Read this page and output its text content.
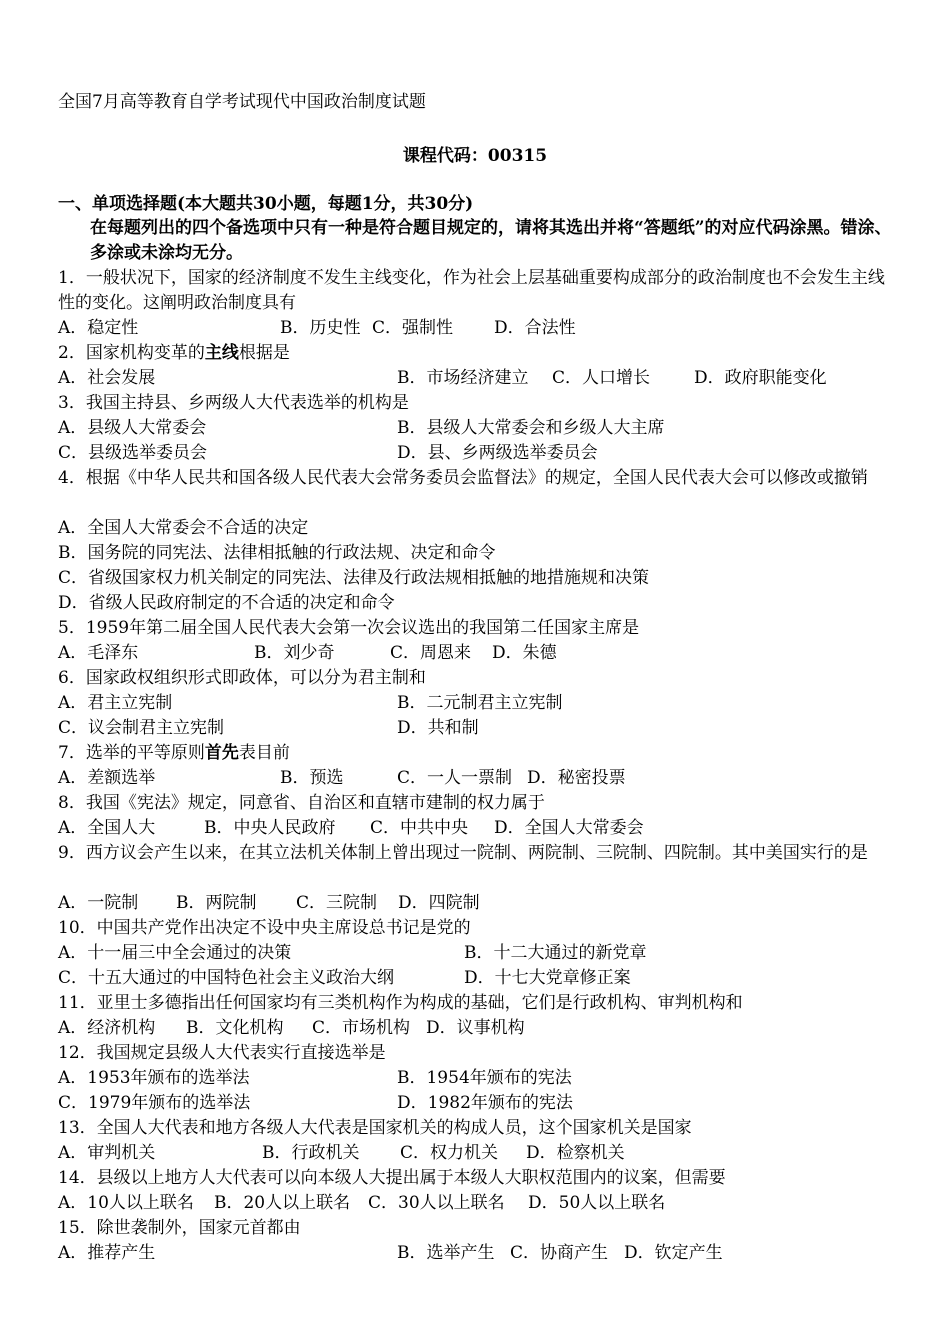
全国7月高等教育自学考试现代中国政治制度试题
课程代码：00315
一、单项选择题(本大题共30小题，每题1分，共30分)
在每题列出的四个备选项中只有一种是符合题目规定的，请将其选出并将“答题纸”的对应代码涂黑。错涂、多涂或未涂均无分。
1．一般状况下，国家的经济制度不发生主线变化，作为社会上层基础重要构成部分的政治制度也不会发生主线性的变化。这阐明政治制度具有
A．稳定性	B．历史性 C．强制性 D．合法性
2．国家机构变革的主线根据是
A．社会发展	B．市场经济建立 C．人口增长	D．政府职能变化
3．我国主持县、乡两级人大代表选举的机构是
A．县级人大常委会	B．县级人大常委会和乡级人大主席
C．县级选举委员会	D．县、乡两级选举委员会
4．根据《中华人民共和国各级人民代表大会常务委员会监督法》的规定，全国人民代表大会可以修改或撤销
A．全国人大常委会不合适的决定
B．国务院的同宪法、法律相抵触的行政法规、决定和命令
C．省级国家权力机关制定的同宪法、法律及行政法规相抵触的地措施规和决策
D．省级人民政府制定的不合适的决定和命令
5．1959年第二届全国人民代表大会第一次会议选出的我国第二任国家主席是
A．毛泽东	B．刘少奇	C．周恩来 D．朱德
6．国家政权组织形式即政体，可以分为君主制和
A．君主立宪制	B．二元制君主立宪制
C．议会制君主立宪制	D．共和制
7．选举的平等原则首先表目前
A．差额选举	B．预选	C．一人一票制 D．秘密投票
8．我国《宪法》规定，同意省、自治区和直辖市建制的权力属于
A．全国人大	B．中央人民政府 C．中共中央 D．全国人大常委会
9．西方议会产生以来，在其立法机关体制上曾出现过一院制、两院制、三院制、四院制。其中美国实行的是
A．一院制 B．两院制 C．三院制 D．四院制
10．中国共产党作出决定不设中央主席设总书记是党的
A．十一届三中全会通过的决策	B．十二大通过的新党章
C．十五大通过的中国特色社会主义政治大纲	D．十七大党章修正案
11．亚里士多德指出任何国家均有三类机构作为构成的基础，它们是行政机构、审判机构和
A．经济机构 B．文化机构 C．市场机构 D．议事机构
12．我国规定县级人大代表实行直接选举是
A．1953年颁布的选举法	B．1954年颁布的宪法
C．1979年颁布的选举法	D．1982年颁布的宪法
13．全国人大代表和地方各级人大代表是国家机关的构成人员，这个国家机关是国家
A．审判机关	B．行政机关 C．权力机关 D．检察机关
14．县级以上地方人大代表可以向本级人大提出属于本级人大职权范围内的议案，但需要
A．10人以上联名 B．20人以上联名 C．30人以上联名 D．50人以上联名
15．除世袭制外，国家元首都由
A．推荐产生	B．选举产生 C．协商产生 D．钦定产生
